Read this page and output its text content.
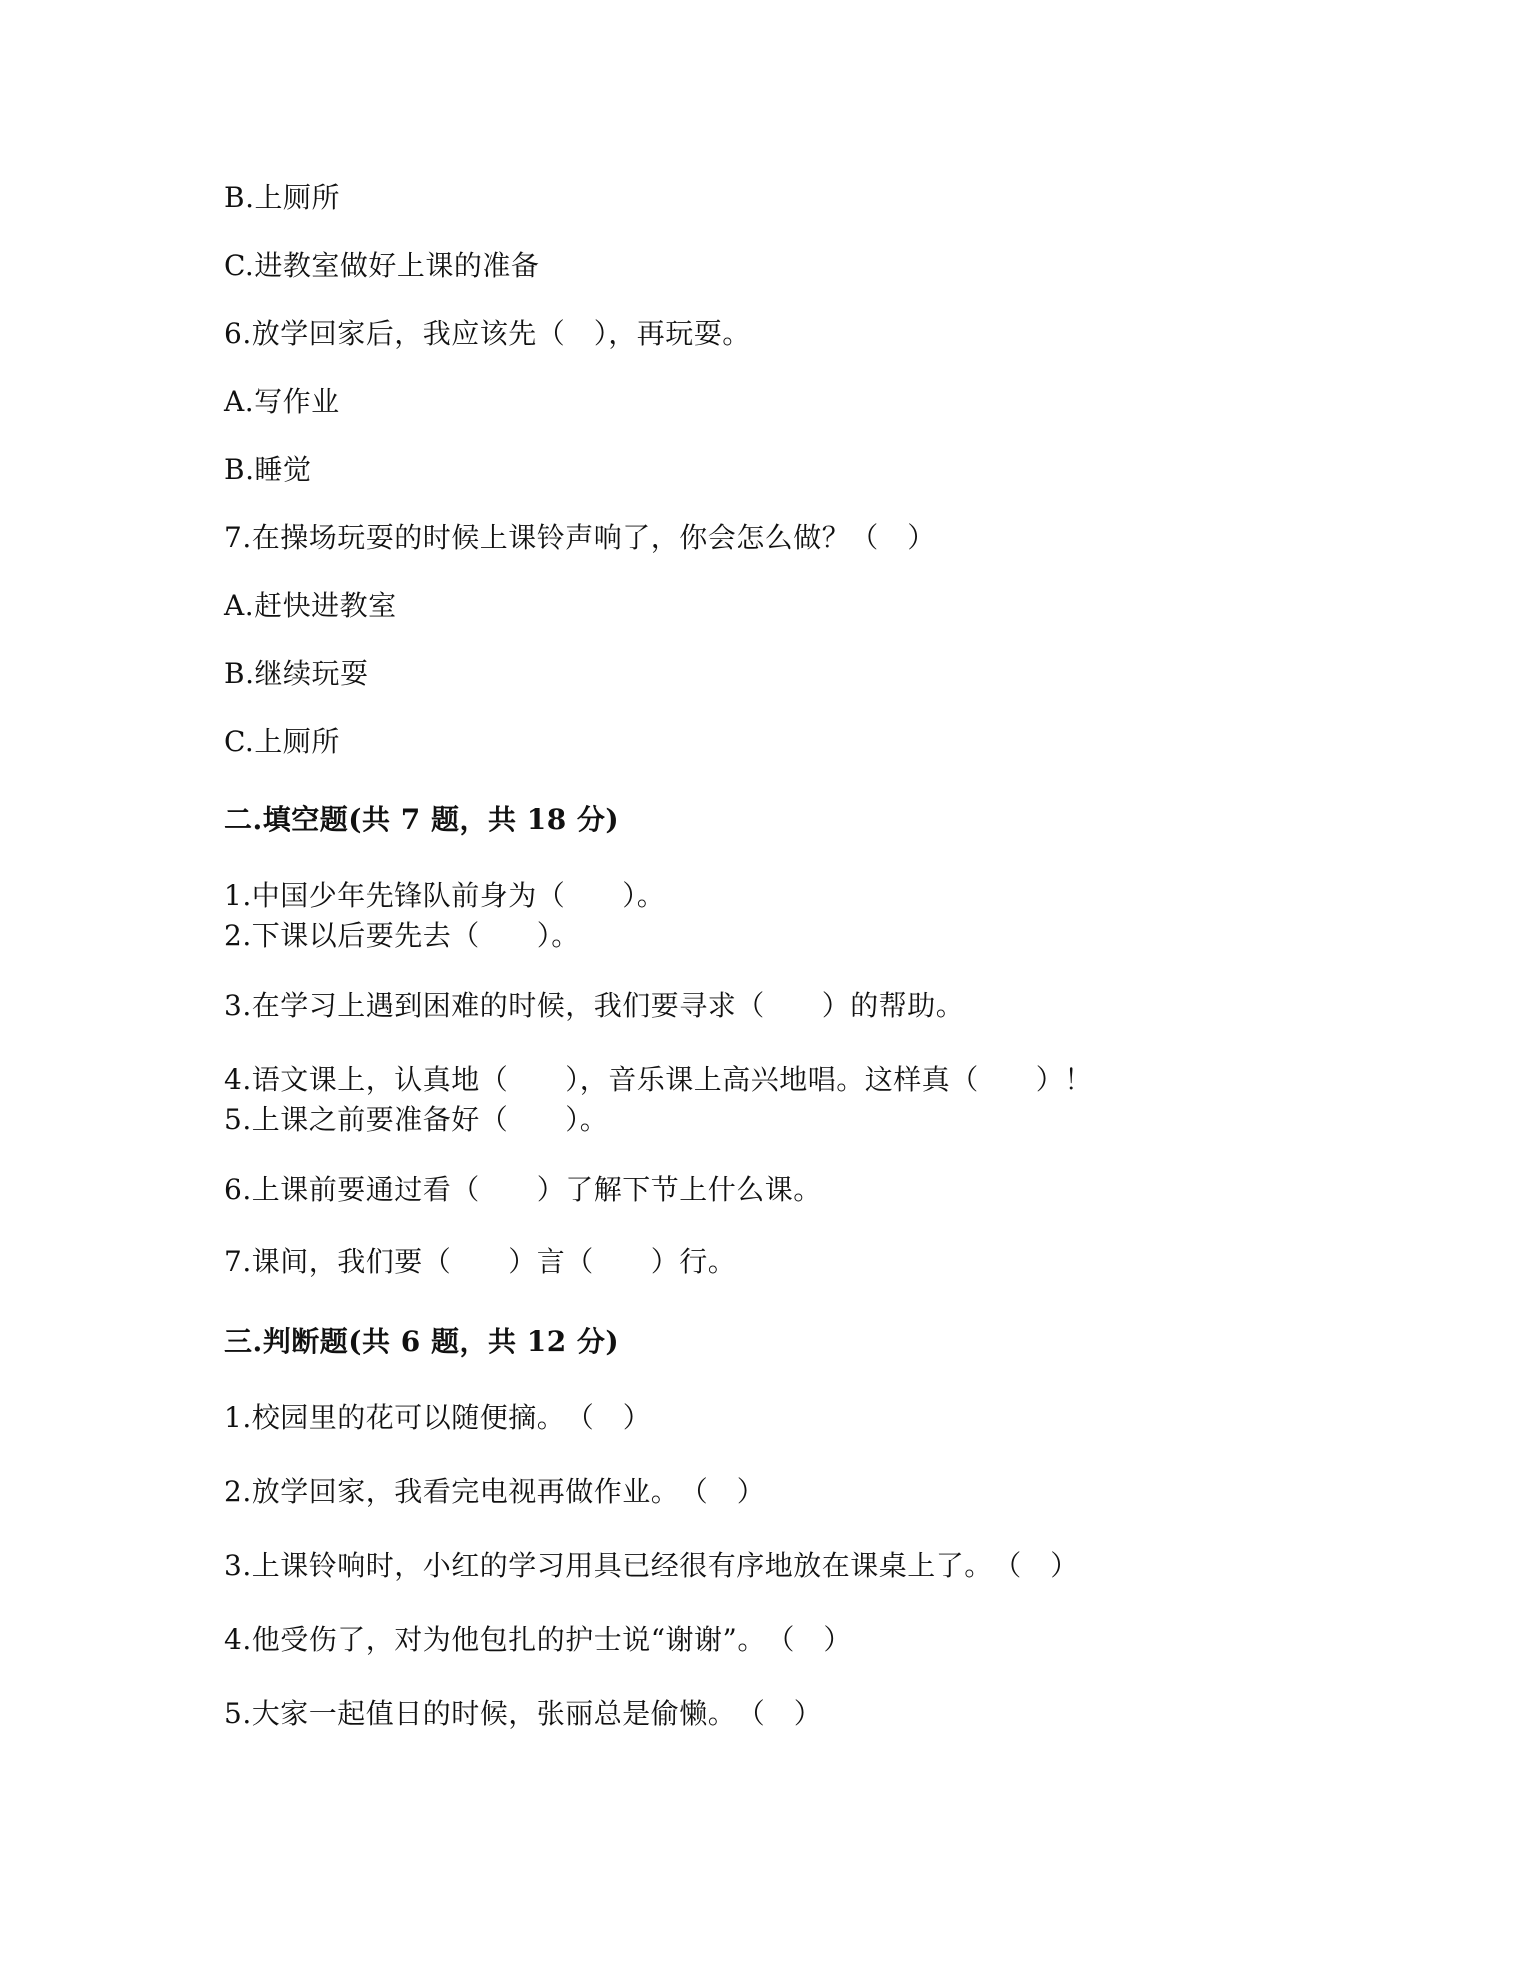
B.上厕所
C.进教室做好上课的准备
6.放学回家后，我应该先（　），再玩耍。
A.写作业
B.睡觉
7.在操场玩耍的时候上课铃声响了，你会怎么做？（　）
A.赶快进教室
B.继续玩耍
C.上厕所
二.填空题(共 7 题，共 18 分)
1.中国少年先锋队前身为（　　）。
2.下课以后要先去（　　）。
3.在学习上遇到困难的时候，我们要寻求（　　）的帮助。
4.语文课上，认真地（　　），音乐课上高兴地唱。这样真（　　）！
5.上课之前要准备好（　　）。
6.上课前要通过看（　　）了解下节上什么课。
7.课间，我们要（　　）言（　　）行。
三.判断题(共 6 题，共 12 分)
1.校园里的花可以随便摘。　（　）
2.放学回家，我看完电视再做作业。　（　）
3.上课铃响时，小红的学习用具已经很有序地放在课桌上了。　（　）
4.他受伤了，对为他包扎的护士说“谢谢”。　（　）
5.大家一起值日的时候，张丽总是偷懒。　（　）
